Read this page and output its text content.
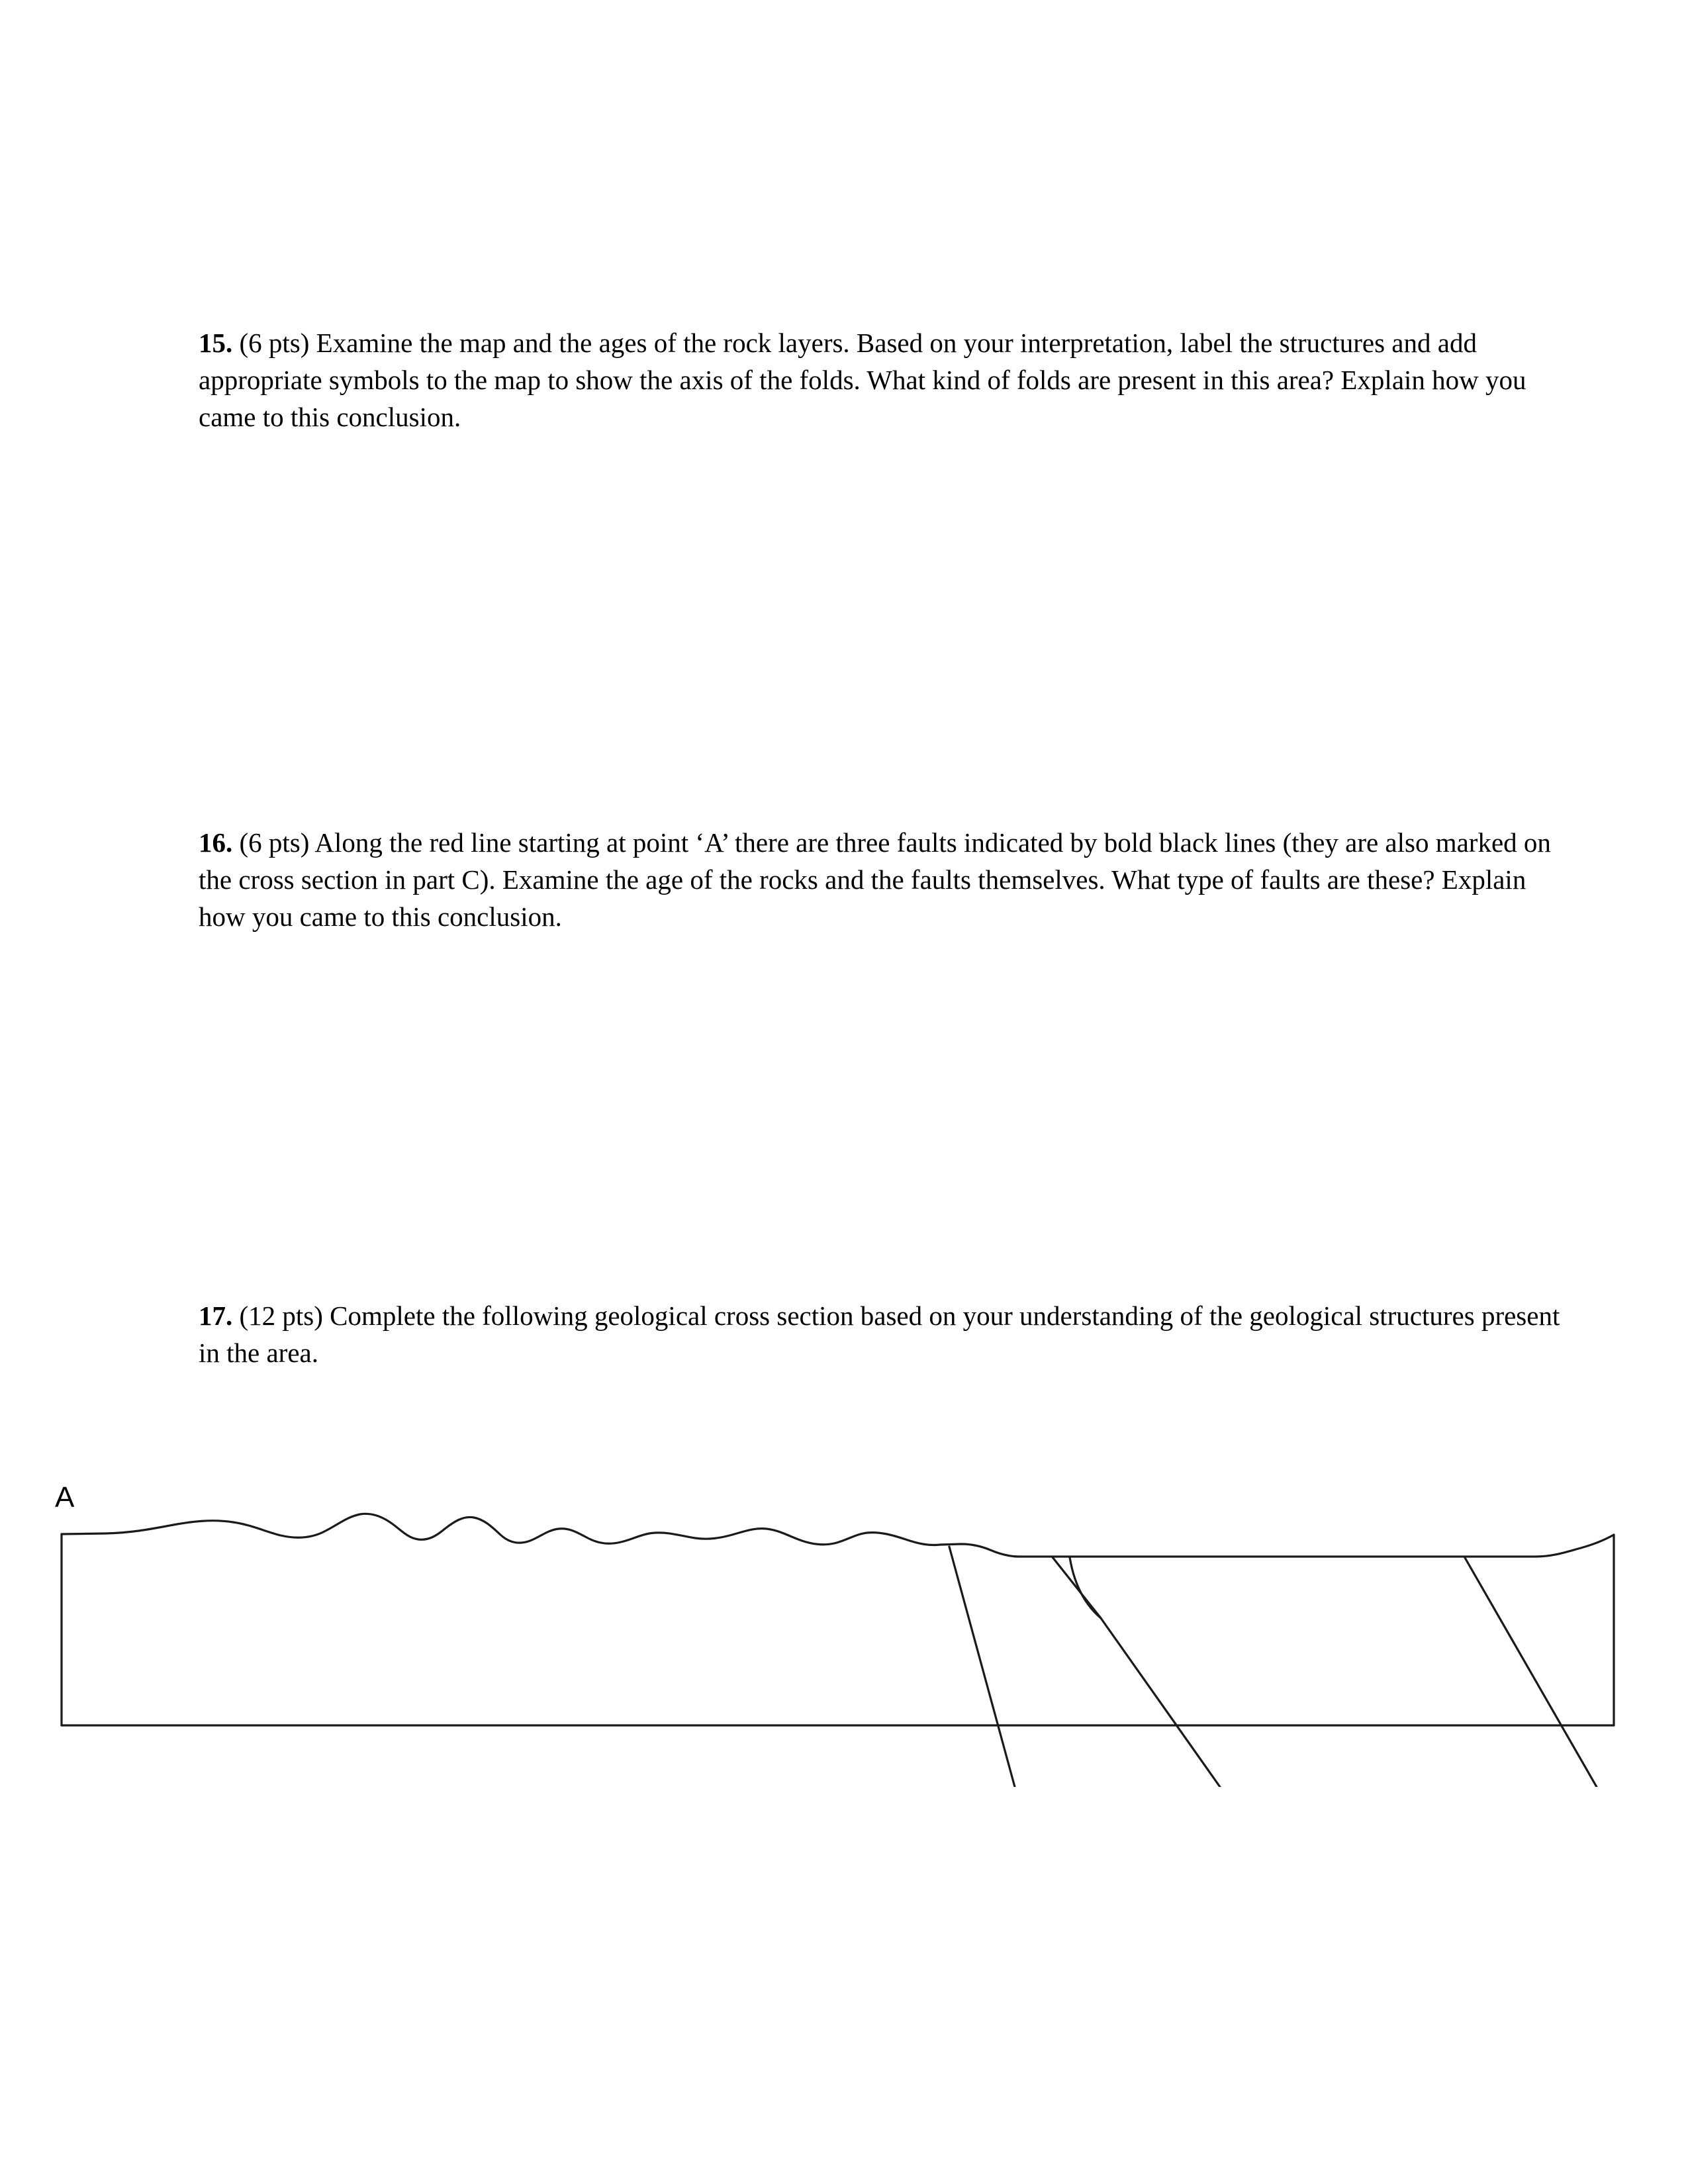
15. (6 pts) Examine the map and the ages of the rock layers. Based on your interpretation, label the structures and add appropriate symbols to the map to show the axis of the folds. What kind of folds are present in this area? Explain how you came to this conclusion.
16. (6 pts) Along the red line starting at point ‘A’ there are three faults indicated by bold black lines (they are also marked on the cross section in part C). Examine the age of the rocks and the faults themselves. What type of faults are these? Explain how you came to this conclusion.
17. (12 pts) Complete the following geological cross section based on your understanding of the geological structures present in the area.
A
